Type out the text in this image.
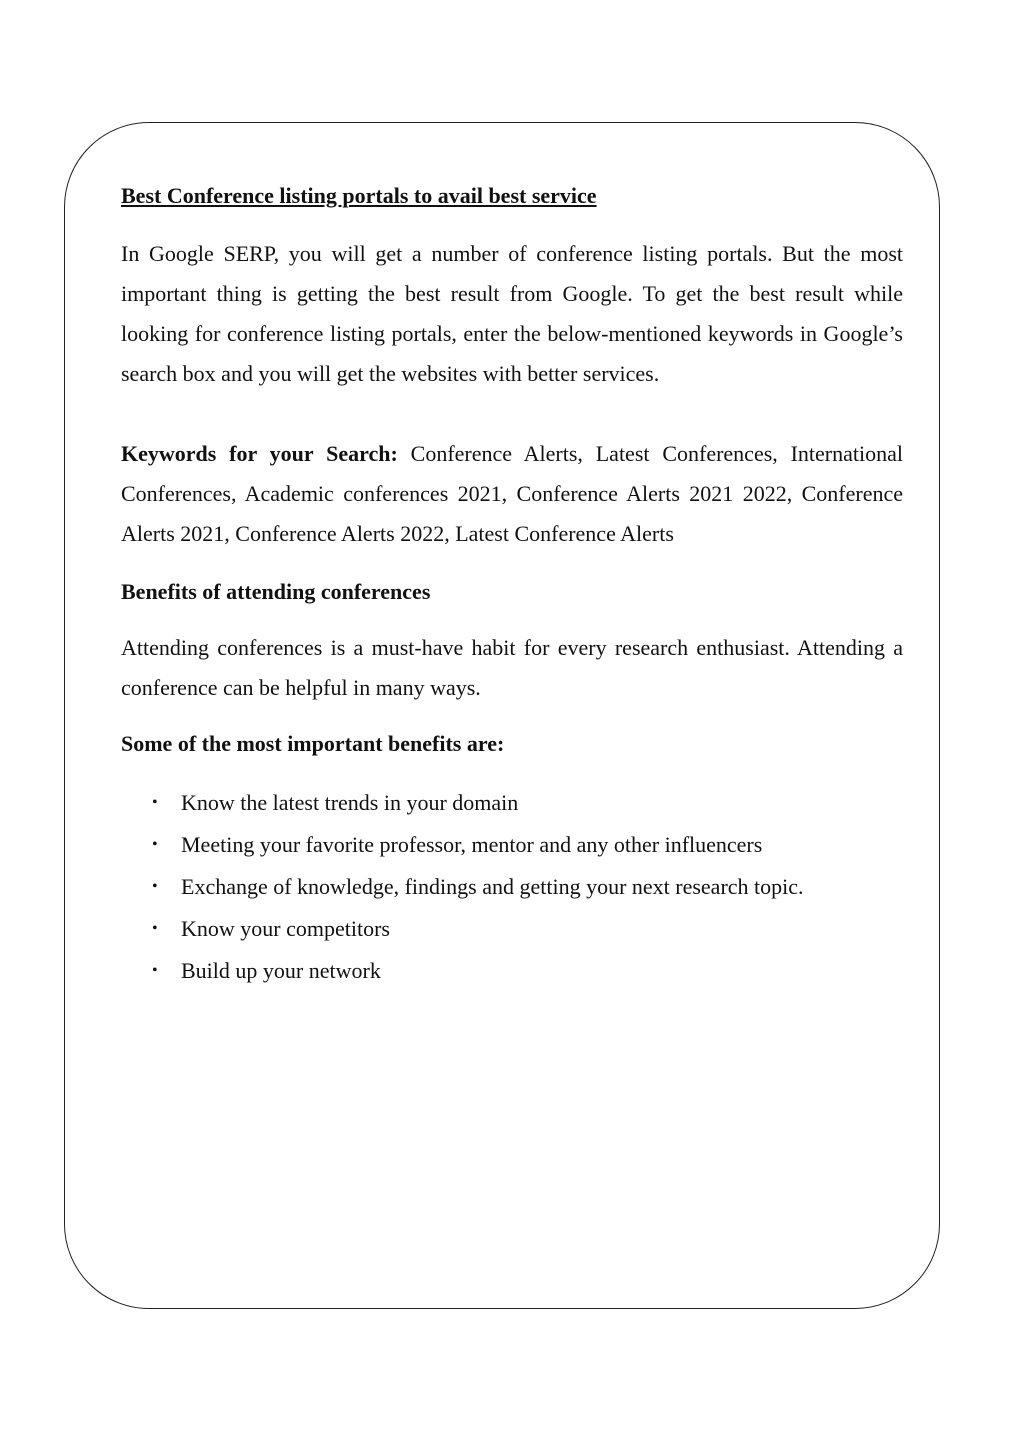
Best Conference listing portals to avail best service

In Google SERP, you will get a number of conference listing portals. But the most important thing is getting the best result from Google. To get the best result while looking for conference listing portals, enter the below-mentioned keywords in Google’s search box and you will get the websites with better services.

Keywords for your Search: Conference Alerts, Latest Conferences, International Conferences, Academic conferences 2021, Conference Alerts 2021 2022, Conference Alerts 2021, Conference Alerts 2022, Latest Conference Alerts

Benefits of attending conferences

Attending conferences is a must-have habit for every research enthusiast. Attending a conference can be helpful in many ways.

Some of the most important benefits are:

• Know the latest trends in your domain
• Meeting your favorite professor, mentor and any other influencers
• Exchange of knowledge, findings and getting your next research topic.
• Know your competitors
• Build up your network
